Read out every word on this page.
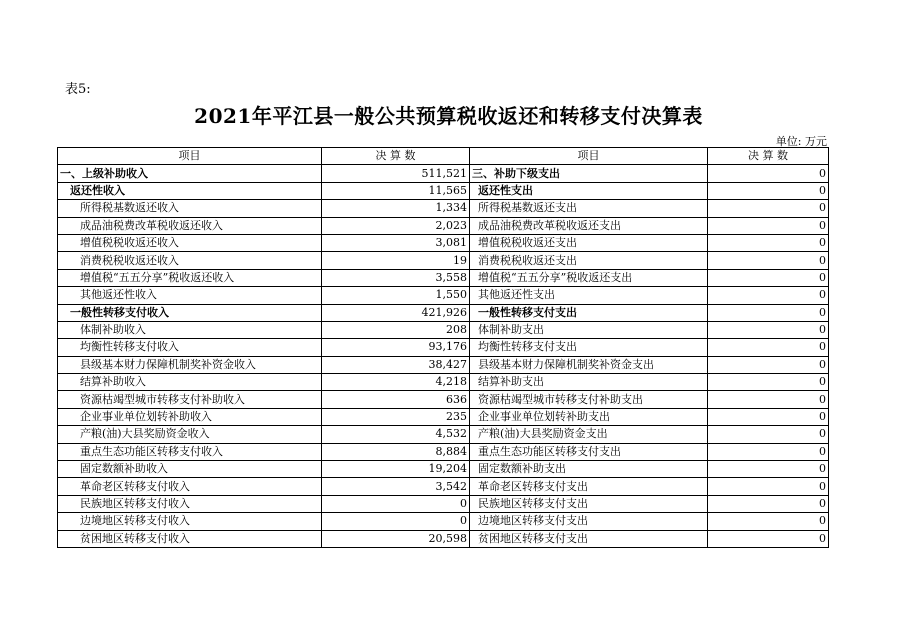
表5:
2021年平江县一般公共预算税收返还和转移支付决算表
单位: 万元
项目	决 算 数	项目	决 算 数
一、上级补助收入	511,521	三、补助下级支出	0
返还性收入	11,565	返还性支出	0
所得税基数返还收入	1,334	所得税基数返还支出	0
成品油税费改革税收返还收入	2,023	成品油税费改革税收返还支出	0
增值税税收返还收入	3,081	增值税税收返还支出	0
消费税税收返还收入	19	消费税税收返还支出	0
增值税“五五分享”税收返还收入	3,558	增值税“五五分享”税收返还支出	0
其他返还性收入	1,550	其他返还性支出	0
一般性转移支付收入	421,926	一般性转移支付支出	0
体制补助收入	208	体制补助支出	0
均衡性转移支付收入	93,176	均衡性转移支付支出	0
县级基本财力保障机制奖补资金收入	38,427	县级基本财力保障机制奖补资金支出	0
结算补助收入	4,218	结算补助支出	0
资源枯竭型城市转移支付补助收入	636	资源枯竭型城市转移支付补助支出	0
企业事业单位划转补助收入	235	企业事业单位划转补助支出	0
产粮(油)大县奖励资金收入	4,532	产粮(油)大县奖励资金支出	0
重点生态功能区转移支付收入	8,884	重点生态功能区转移支付支出	0
固定数额补助收入	19,204	固定数额补助支出	0
革命老区转移支付收入	3,542	革命老区转移支付支出	0
民族地区转移支付收入	0	民族地区转移支付支出	0
边境地区转移支付收入	0	边境地区转移支付支出	0
贫困地区转移支付收入	20,598	贫困地区转移支付支出	0
